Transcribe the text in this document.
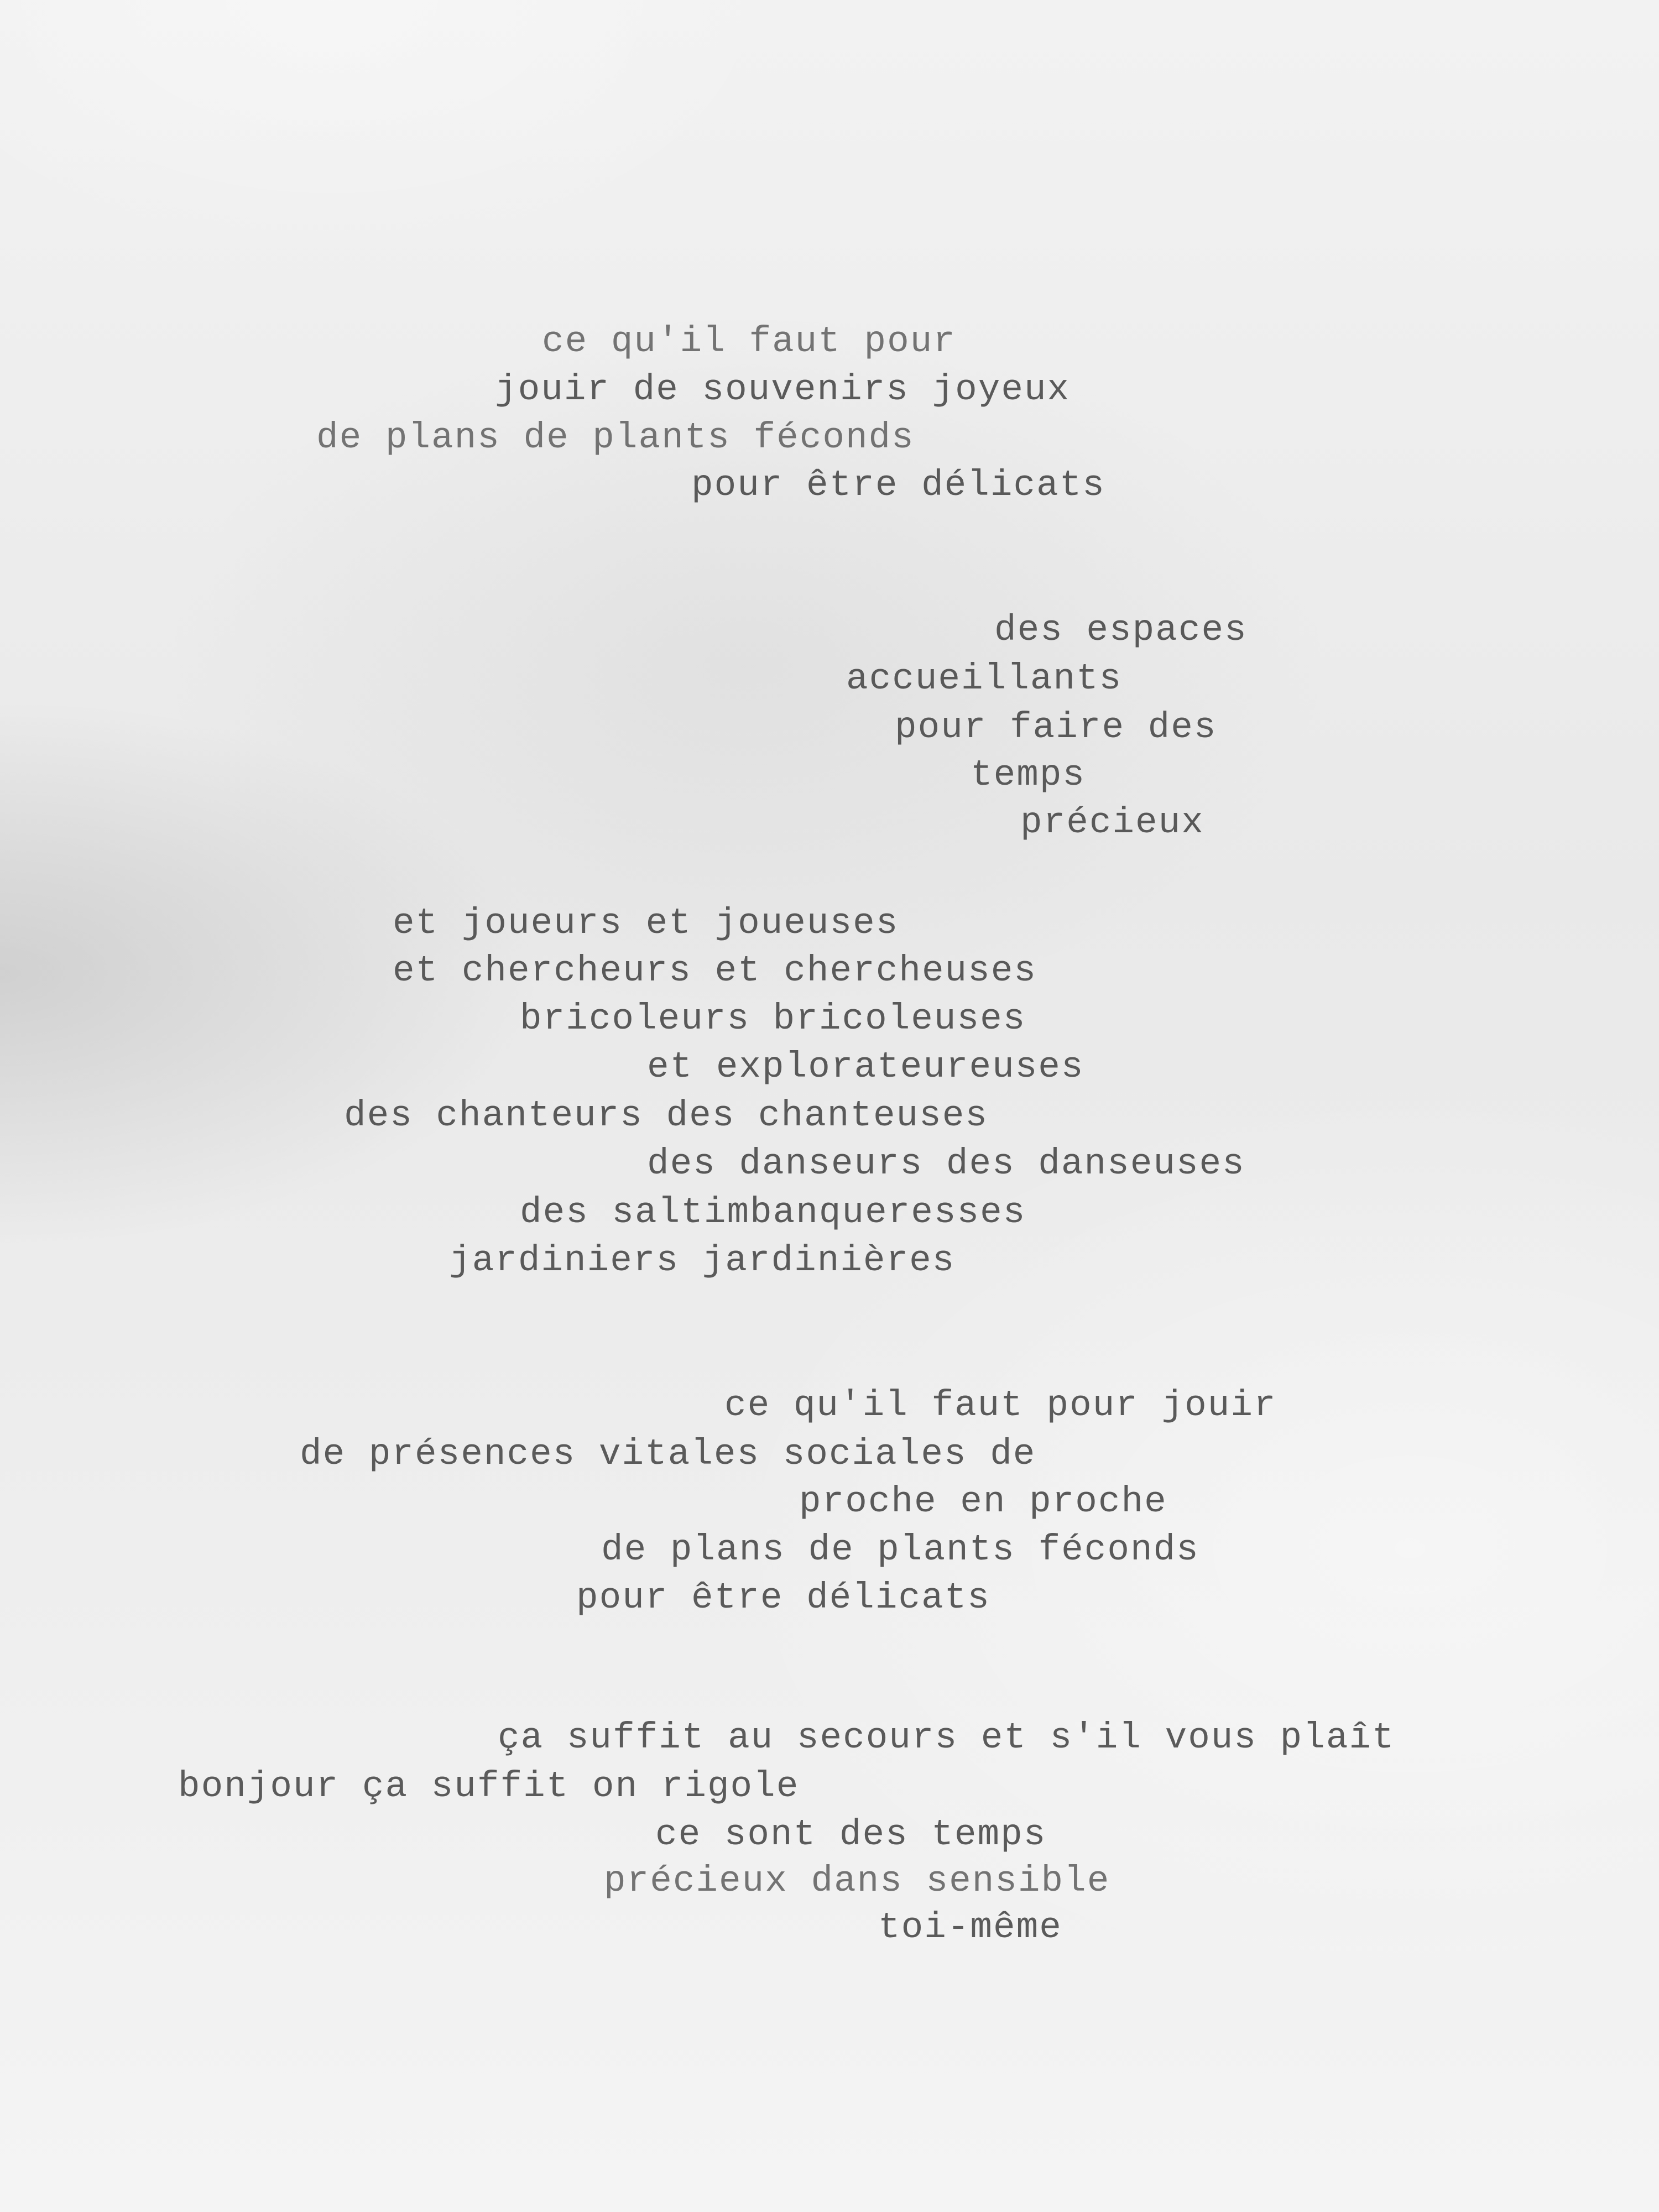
ce qu'il faut pour

jouir de souvenirs joyeux

de plans de plants féconds

pour être délicats

des espaces

accueillants

pour faire des

temps

précieux

et joueurs et joueuses

et chercheurs et chercheuses

bricoleurs bricoleuses

et explorateureuses

des chanteurs des chanteuses

des danseurs des danseuses

des saltimbanqueresses

jardiniers jardinières

ce qu'il faut pour jouir

de présences vitales sociales de

proche en proche

de plans de plants féconds

pour être délicats

ça suffit au secours et s'il vous plaît

bonjour ça suffit on rigole

ce sont des temps

précieux dans sensible

toi-même
